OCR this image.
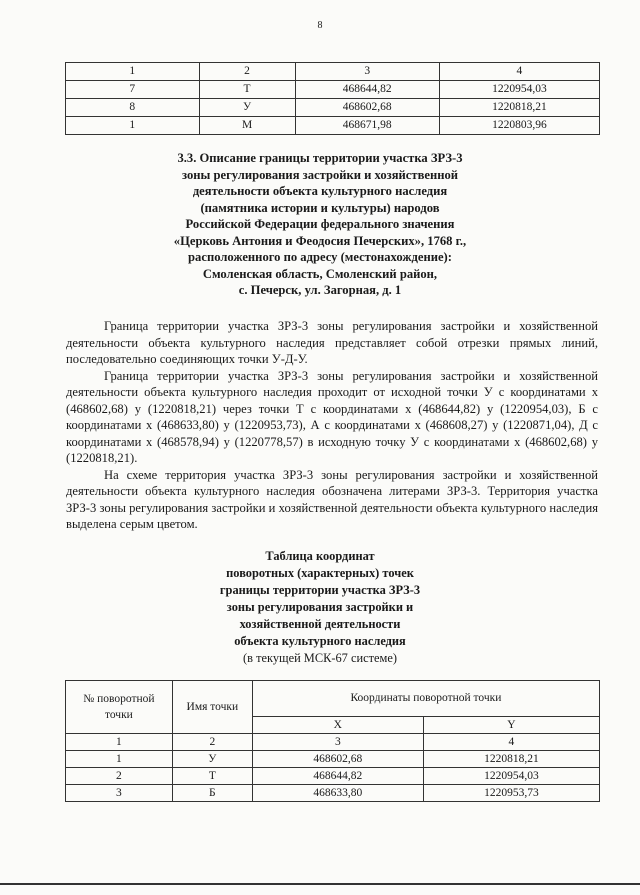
8
1	2	3	4
7	Т	468644,82	1220954,03
8	У	468602,68	1220818,21
1	М	468671,98	1220803,96
3.3. Описание границы территории участка ЗРЗ-3
зоны регулирования застройки и хозяйственной
деятельности объекта культурного наследия
(памятника истории и культуры) народов
Российской Федерации федерального значения
«Церковь Антония и Феодосия Печерских», 1768 г.,
расположенного по адресу (местонахождение):
Смоленская область, Смоленский район,
с. Печерск, ул. Загорная, д. 1

Граница территории участка ЗРЗ-3 зоны регулирования застройки и хозяйственной деятельности объекта культурного наследия представляет собой отрезки прямых линий, последовательно соединяющих точки У-Д-У.

Граница территории участка ЗРЗ-3 зоны регулирования застройки и хозяйственной деятельности объекта культурного наследия проходит от исходной точки У с координатами x (468602,68) y (1220818,21) через точки Т с координатами x (468644,82) y (1220954,03), Б с координатами x (468633,80) y (1220953,73), А с координатами x (468608,27) y (1220871,04), Д с координатами x (468578,94) y (1220778,57) в исходную точку У с координатами x (468602,68) y (1220818,21).

На схеме территория участка ЗРЗ-3 зоны регулирования застройки и хозяйственной деятельности объекта культурного наследия обозначена литерами ЗРЗ-3. Территория участка ЗРЗ-3 зоны регулирования застройки и хозяйственной деятельности объекта культурного наследия выделена серым цветом.

Таблица координат
поворотных (характерных) точек
границы территории участка ЗРЗ-3
зоны регулирования застройки и
хозяйственной деятельности
объекта культурного наследия
(в текущей МСК-67 системе)
№ поворотной точки	Имя точки	Координаты поворотной точки	
		X	Y
1	2	3	4
1	У	468602,68	1220818,21
2	Т	468644,82	1220954,03
3	Б	468633,80	1220953,73
